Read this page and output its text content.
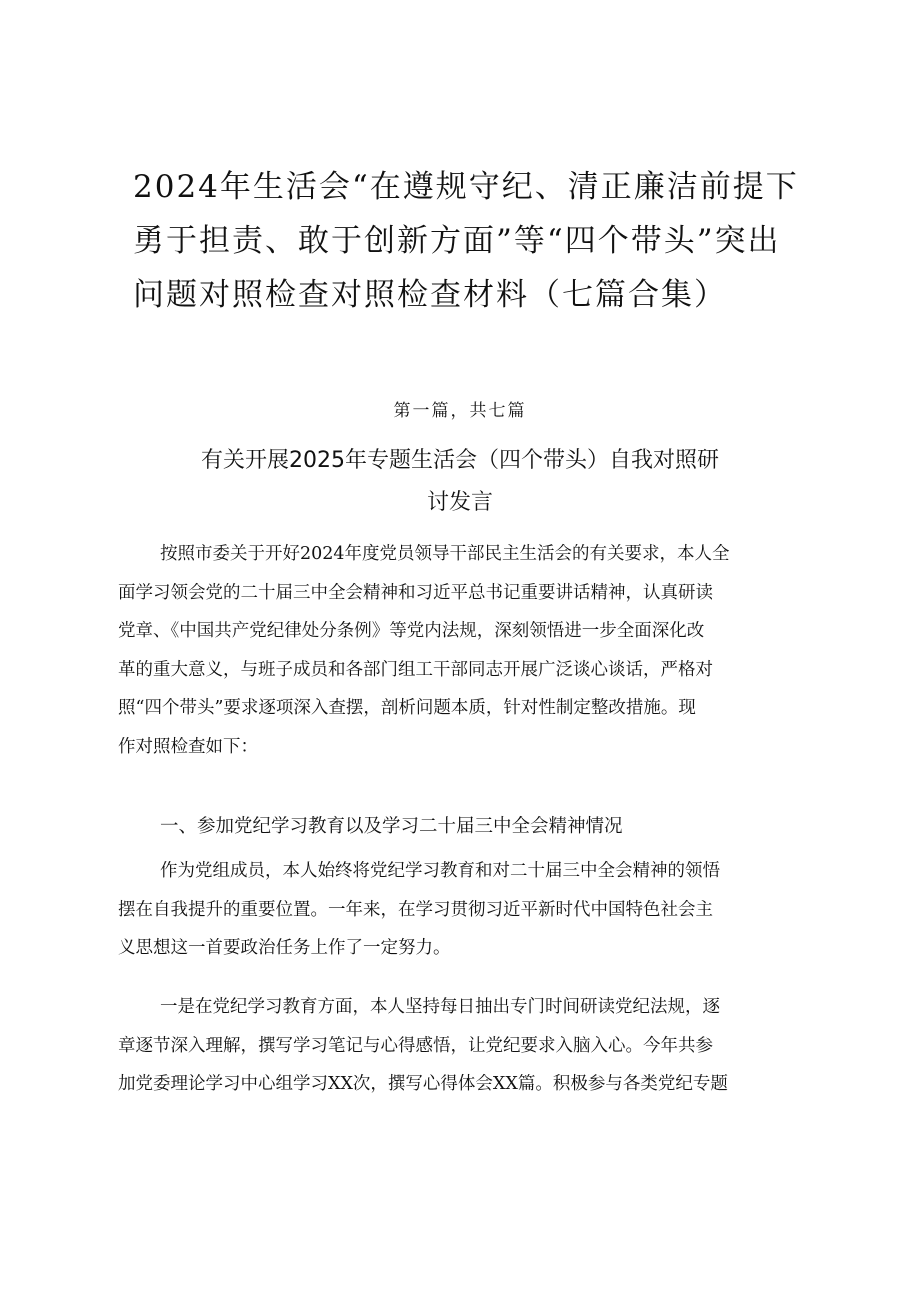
2024年生活会“在遵规守纪、清正廉洁前提下
勇于担责、敢于创新方面”等“四个带头”突出
问题对照检查对照检查材料（七篇合集）
第一篇，共七篇
有关开展2025年专题生活会（四个带头）自我对照研
讨发言
按照市委关于开好2024年度党员领导干部民主生活会的有关要求，本人全
面学习领会党的二十届三中全会精神和习近平总书记重要讲话精神，认真研读
党章、《中国共产党纪律处分条例》等党内法规，深刻领悟进一步全面深化改
革的重大意义，与班子成员和各部门组工干部同志开展广泛谈心谈话，严格对
照“四个带头”要求逐项深入查摆，剖析问题本质，针对性制定整改措施。现
作对照检查如下：
一、参加党纪学习教育以及学习二十届三中全会精神情况
作为党组成员，本人始终将党纪学习教育和对二十届三中全会精神的领悟
摆在自我提升的重要位置。一年来，在学习贯彻习近平新时代中国特色社会主
义思想这一首要政治任务上作了一定努力。
一是在党纪学习教育方面，本人坚持每日抽出专门时间研读党纪法规，逐
章逐节深入理解，撰写学习笔记与心得感悟，让党纪要求入脑入心。今年共参
加党委理论学习中心组学习XX次，撰写心得体会XX篇。积极参与各类党纪专题
